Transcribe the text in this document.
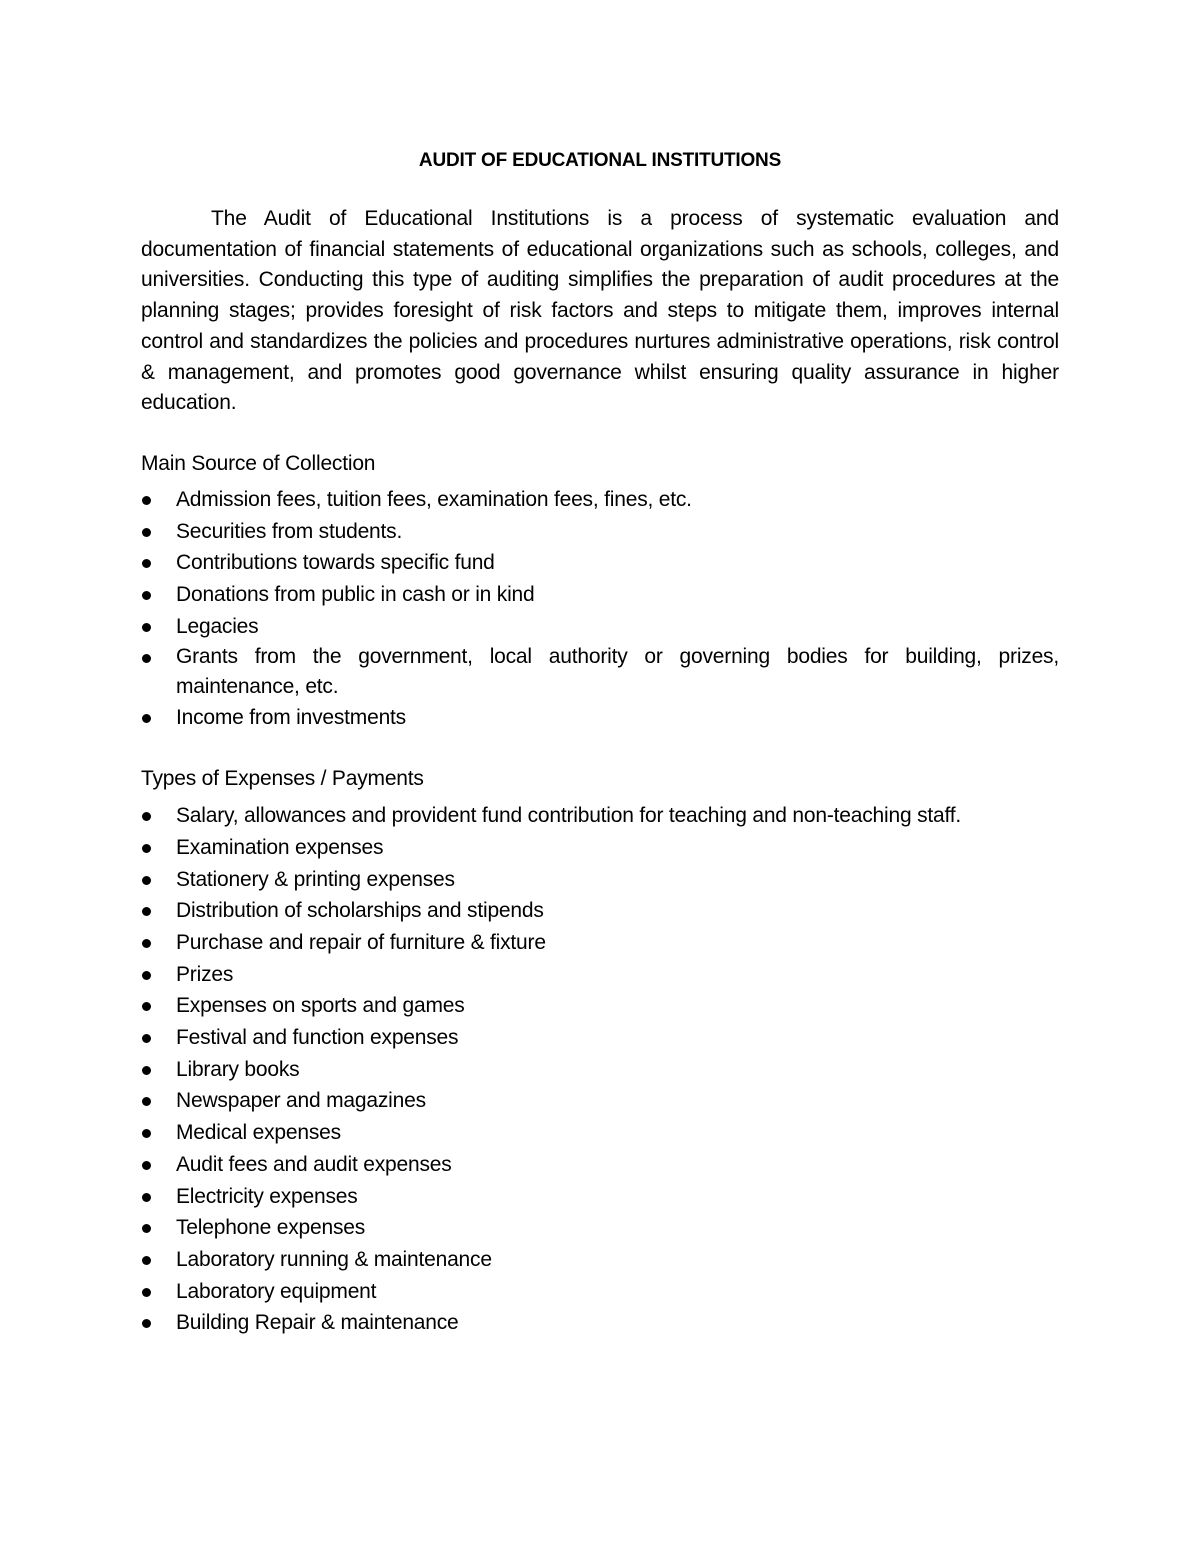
AUDIT OF EDUCATIONAL INSTITUTIONS

The Audit of Educational Institutions is a process of systematic evaluation and documentation of financial statements of educational organizations such as schools, colleges, and universities. Conducting this type of auditing simplifies the preparation of audit procedures at the planning stages; provides foresight of risk factors and steps to mitigate them, improves internal control and standardizes the policies and procedures nurtures administrative operations, risk control & management, and promotes good governance whilst ensuring quality assurance in higher education.

Main Source of Collection

Admission fees, tuition fees, examination fees, fines, etc.
Securities from students.
Contributions towards specific fund
Donations from public in cash or in kind
Legacies
Grants from the government, local authority or governing bodies for building, prizes, maintenance, etc.
Income from investments

Types of Expenses / Payments

Salary, allowances and provident fund contribution for teaching and non-teaching staff.
Examination expenses
Stationery & printing expenses
Distribution of scholarships and stipends
Purchase and repair of furniture & fixture
Prizes
Expenses on sports and games
Festival and function expenses
Library books
Newspaper and magazines
Medical expenses
Audit fees and audit expenses
Electricity expenses
Telephone expenses
Laboratory running & maintenance
Laboratory equipment
Building Repair & maintenance
